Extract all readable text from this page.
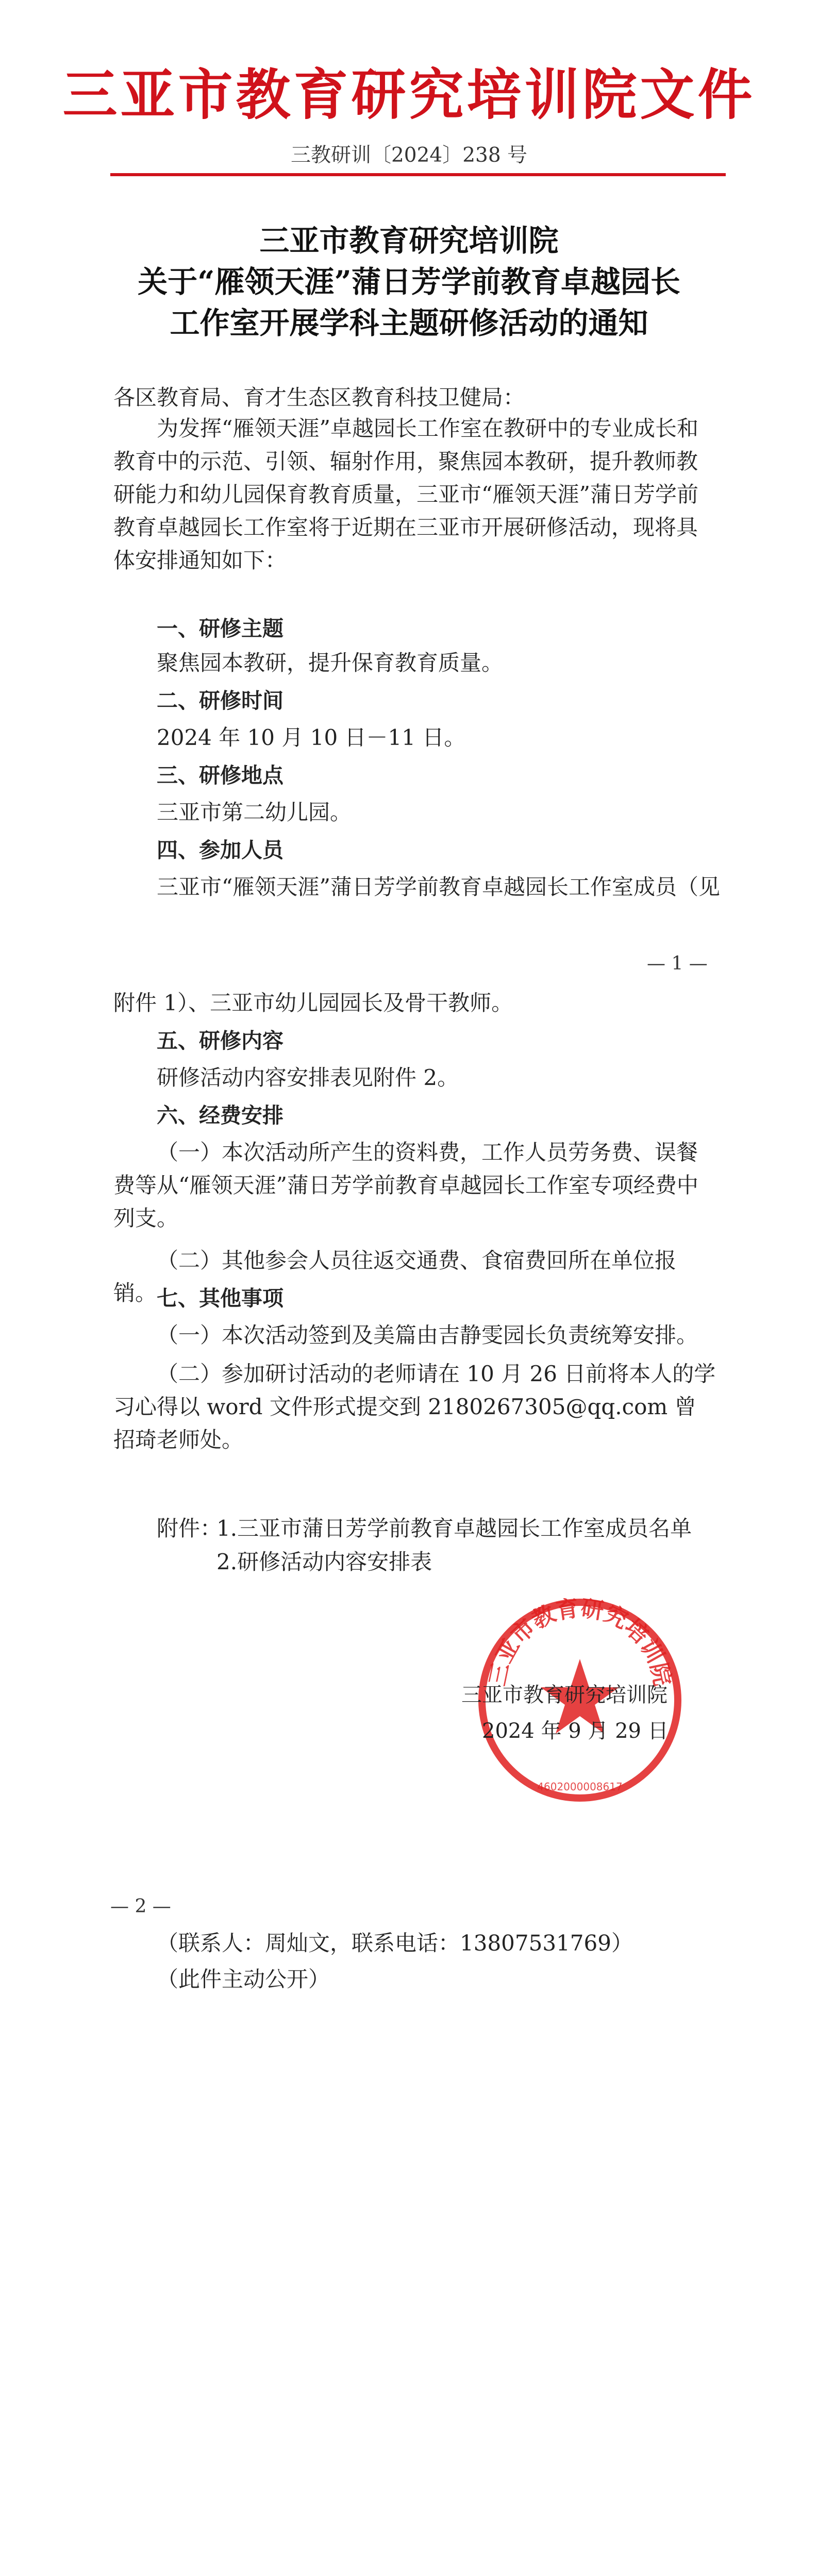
三亚市教育研究培训院文件
三教研训〔2024〕238 号
三亚市教育研究培训院
关于“雁领天涯”蒲日芳学前教育卓越园长
工作室开展学科主题研修活动的通知
各区教育局、育才生态区教育科技卫健局：
为发挥“雁领天涯”卓越园长工作室在教研中的专业成长和教育中的示范、引领、辐射作用，聚焦园本教研，提升教师教研能力和幼儿园保育教育质量，三亚市“雁领天涯”蒲日芳学前教育卓越园长工作室将于近期在三亚市开展研修活动，现将具体安排通知如下：
一、研修主题
聚焦园本教研，提升保育教育质量。
二、研修时间
2024 年 10 月 10 日－11 日。
三、研修地点
三亚市第二幼儿园。
四、参加人员
三亚市“雁领天涯”蒲日芳学前教育卓越园长工作室成员（见
— 1 —
附件 1）、三亚市幼儿园园长及骨干教师。
五、研修内容
研修活动内容安排表见附件 2。
六、经费安排
（一）本次活动所产生的资料费，工作人员劳务费、误餐费等从“雁领天涯”蒲日芳学前教育卓越园长工作室专项经费中列支。
（二）其他参会人员往返交通费、食宿费回所在单位报销。 七、其他事项
（一）本次活动签到及美篇由吉静雯园长负责统筹安排。
（二）参加研讨活动的老师请在 10 月 26 日前将本人的学习心得以 word 文件形式提交到 2180267305@qq.com 曾招琦老师处。
附件：
1.三亚市蒲日芳学前教育卓越园长工作室成员名单
2.研修活动内容安排表
三亚市教育研究培训院
4602000008617
三亚市教育研究培训院
2024 年 9 月 29 日
— 2 —
（联系人：周灿文，联系电话：13807531769）
（此件主动公开）
